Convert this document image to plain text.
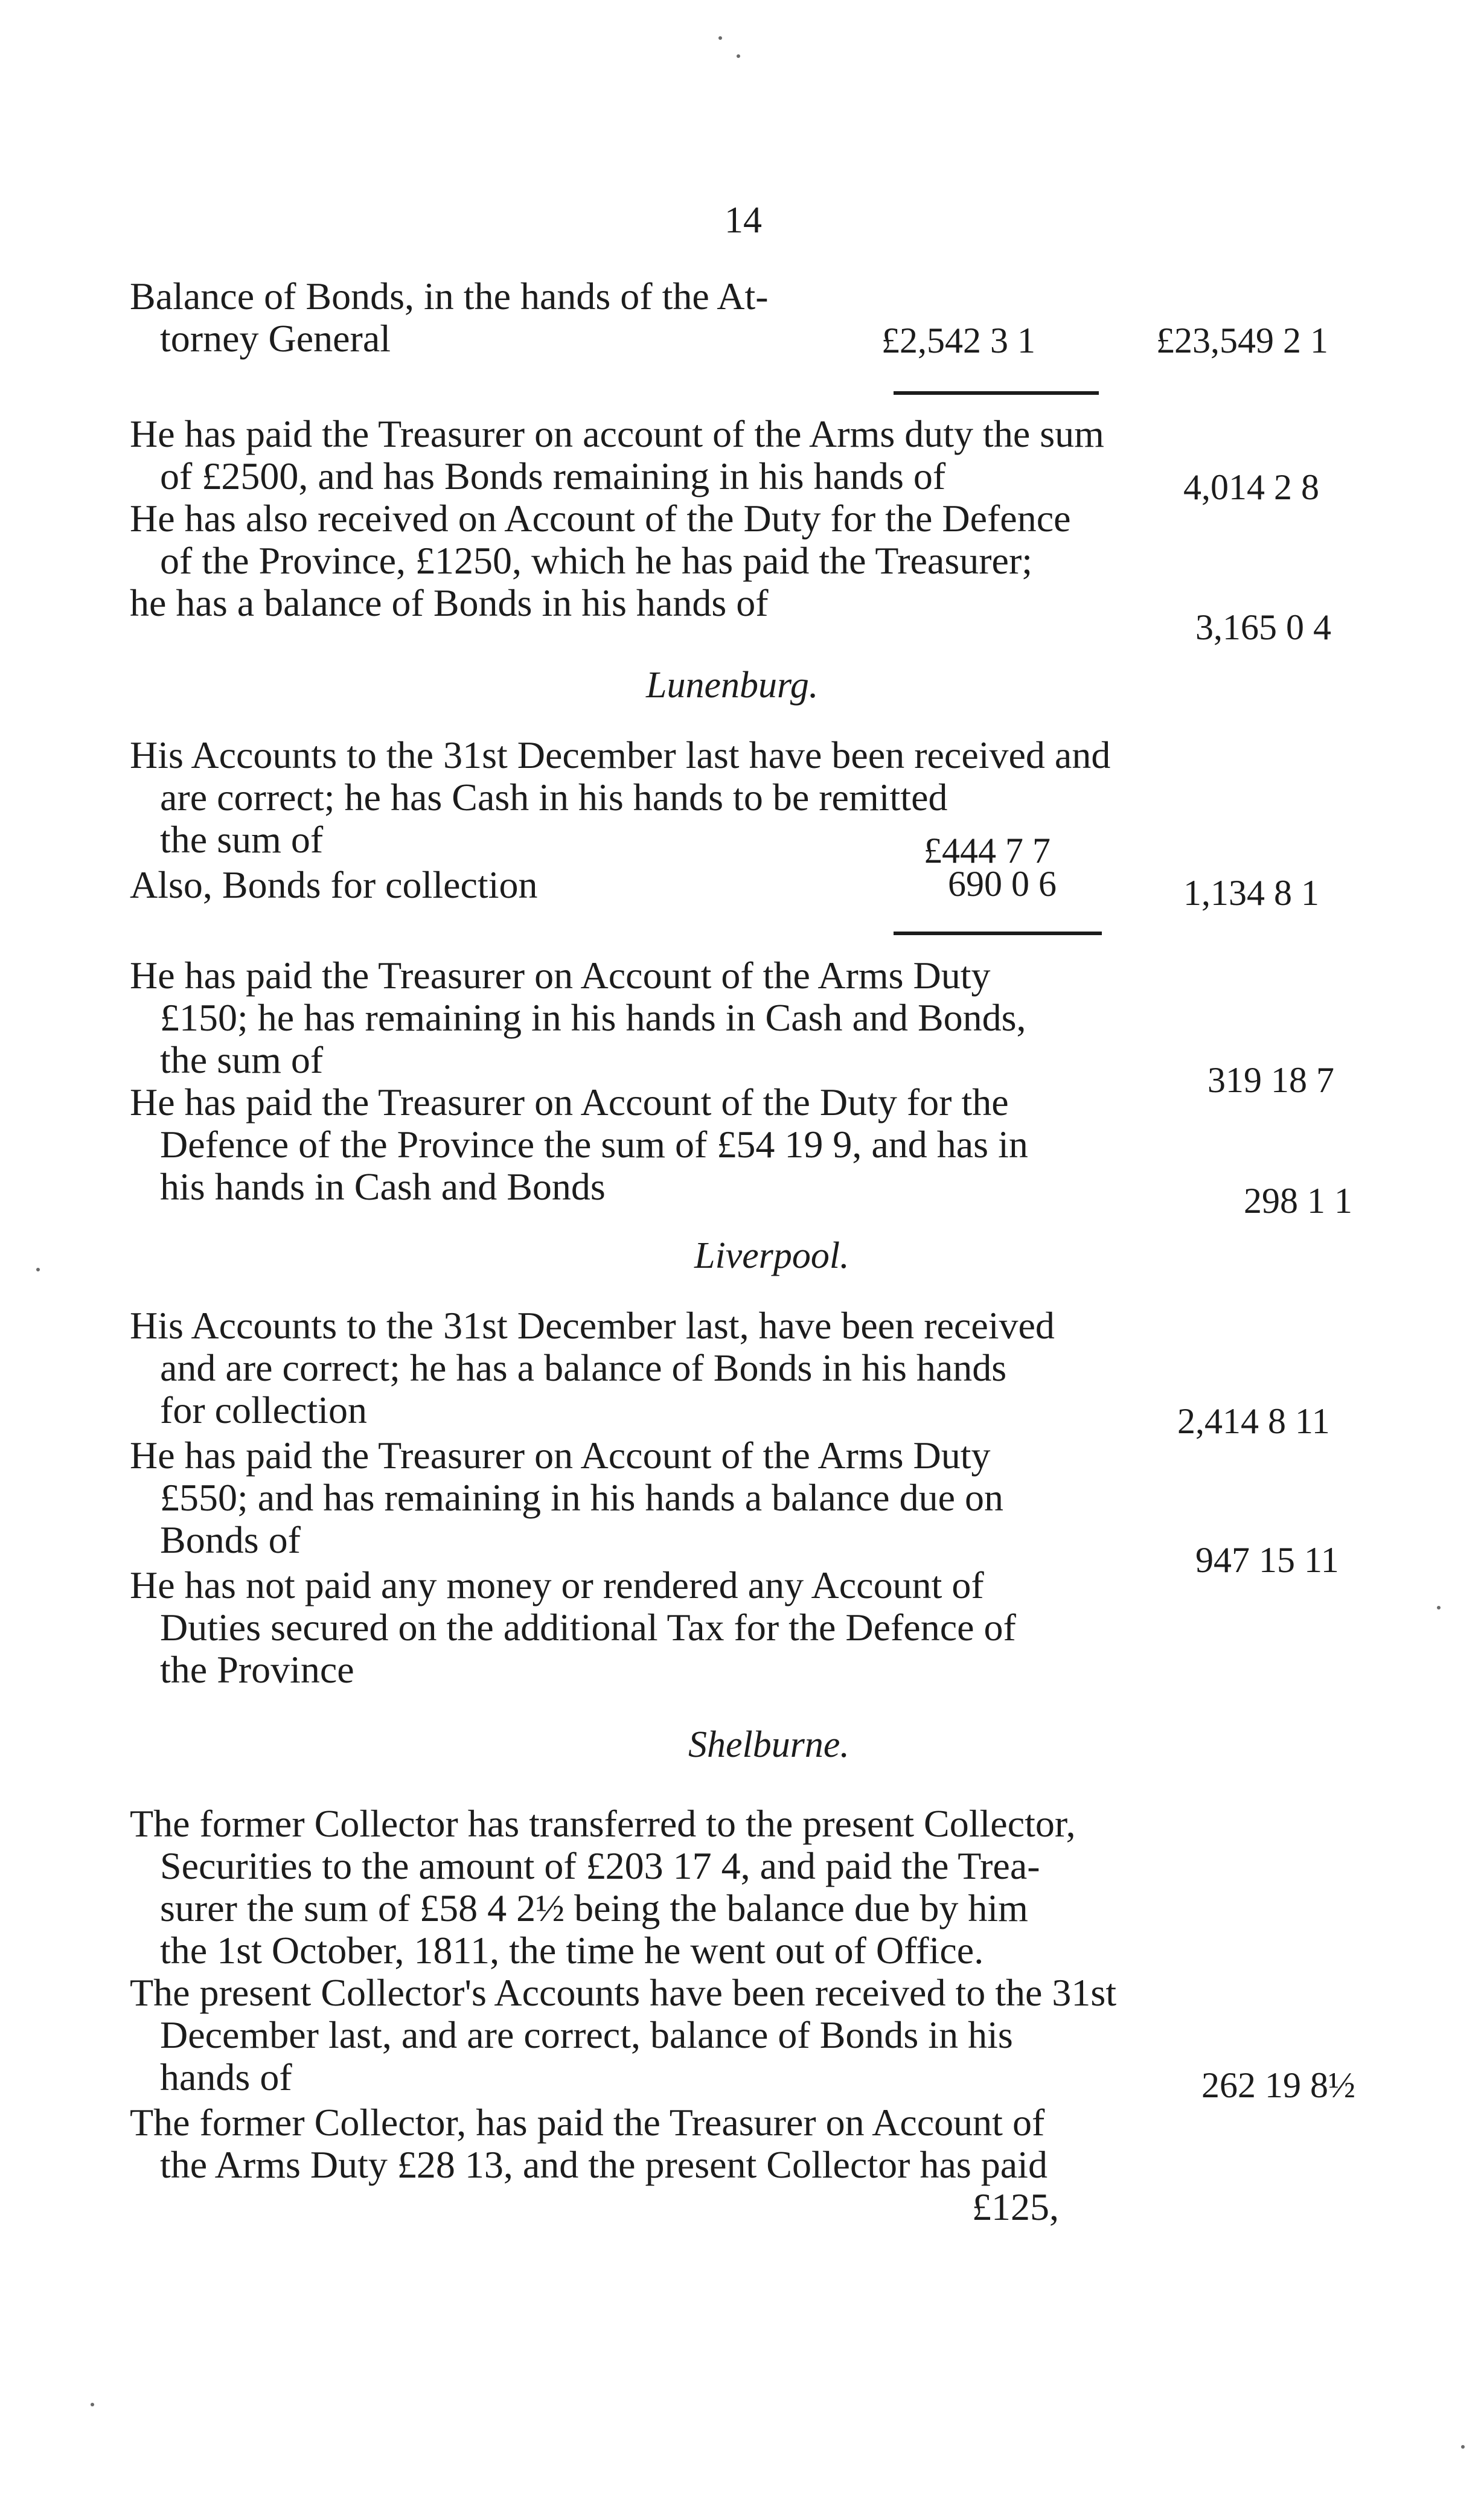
14
Balance of Bonds, in the hands of the At-
torney General	£2,542 3 1	£23,549 2 1
He has paid the Treasurer on account of the Arms duty the sum
of £2500, and has Bonds remaining in his hands of	4,014 2 8
He has also received on Account of the Duty for the Defence
of the Province, £1250, which he has paid the Treasurer;
he has a balance of Bonds in his hands of
3,165 0 4
Lunenburg.
His Accounts to the 31st December last have been received and
are correct; he has Cash in his hands to be remitted
the sum of	£444 7 7
Also, Bonds for collection	690 0 6	1,134 8 1
He has paid the Treasurer on Account of the Arms Duty
£150; he has remaining in his hands in Cash and Bonds,
the sum of	319 18 7
He has paid the Treasurer on Account of the Duty for the
Defence of the Province the sum of £54 19 9, and has in
his hands in Cash and Bonds	298 1 1
Liverpool.
His Accounts to the 31st December last, have been received
and are correct; he has a balance of Bonds in his hands
for collection	2,414 8 11
He has paid the Treasurer on Account of the Arms Duty
£550; and has remaining in his hands a balance due on
Bonds of	947 15 11
He has not paid any money or rendered any Account of
Duties secured on the additional Tax for the Defence of
the Province
Shelburne.
The former Collector has transferred to the present Collector,
Securities to the amount of £203 17 4, and paid the Trea-
surer the sum of £58 4 2½ being the balance due by him
the 1st October, 1811, the time he went out of Office.
The present Collector's Accounts have been received to the 31st
December last, and are correct, balance of Bonds in his
hands of	262 19 8½
The former Collector, has paid the Treasurer on Account of
the Arms Duty £28 13, and the present Collector has paid
£125,
